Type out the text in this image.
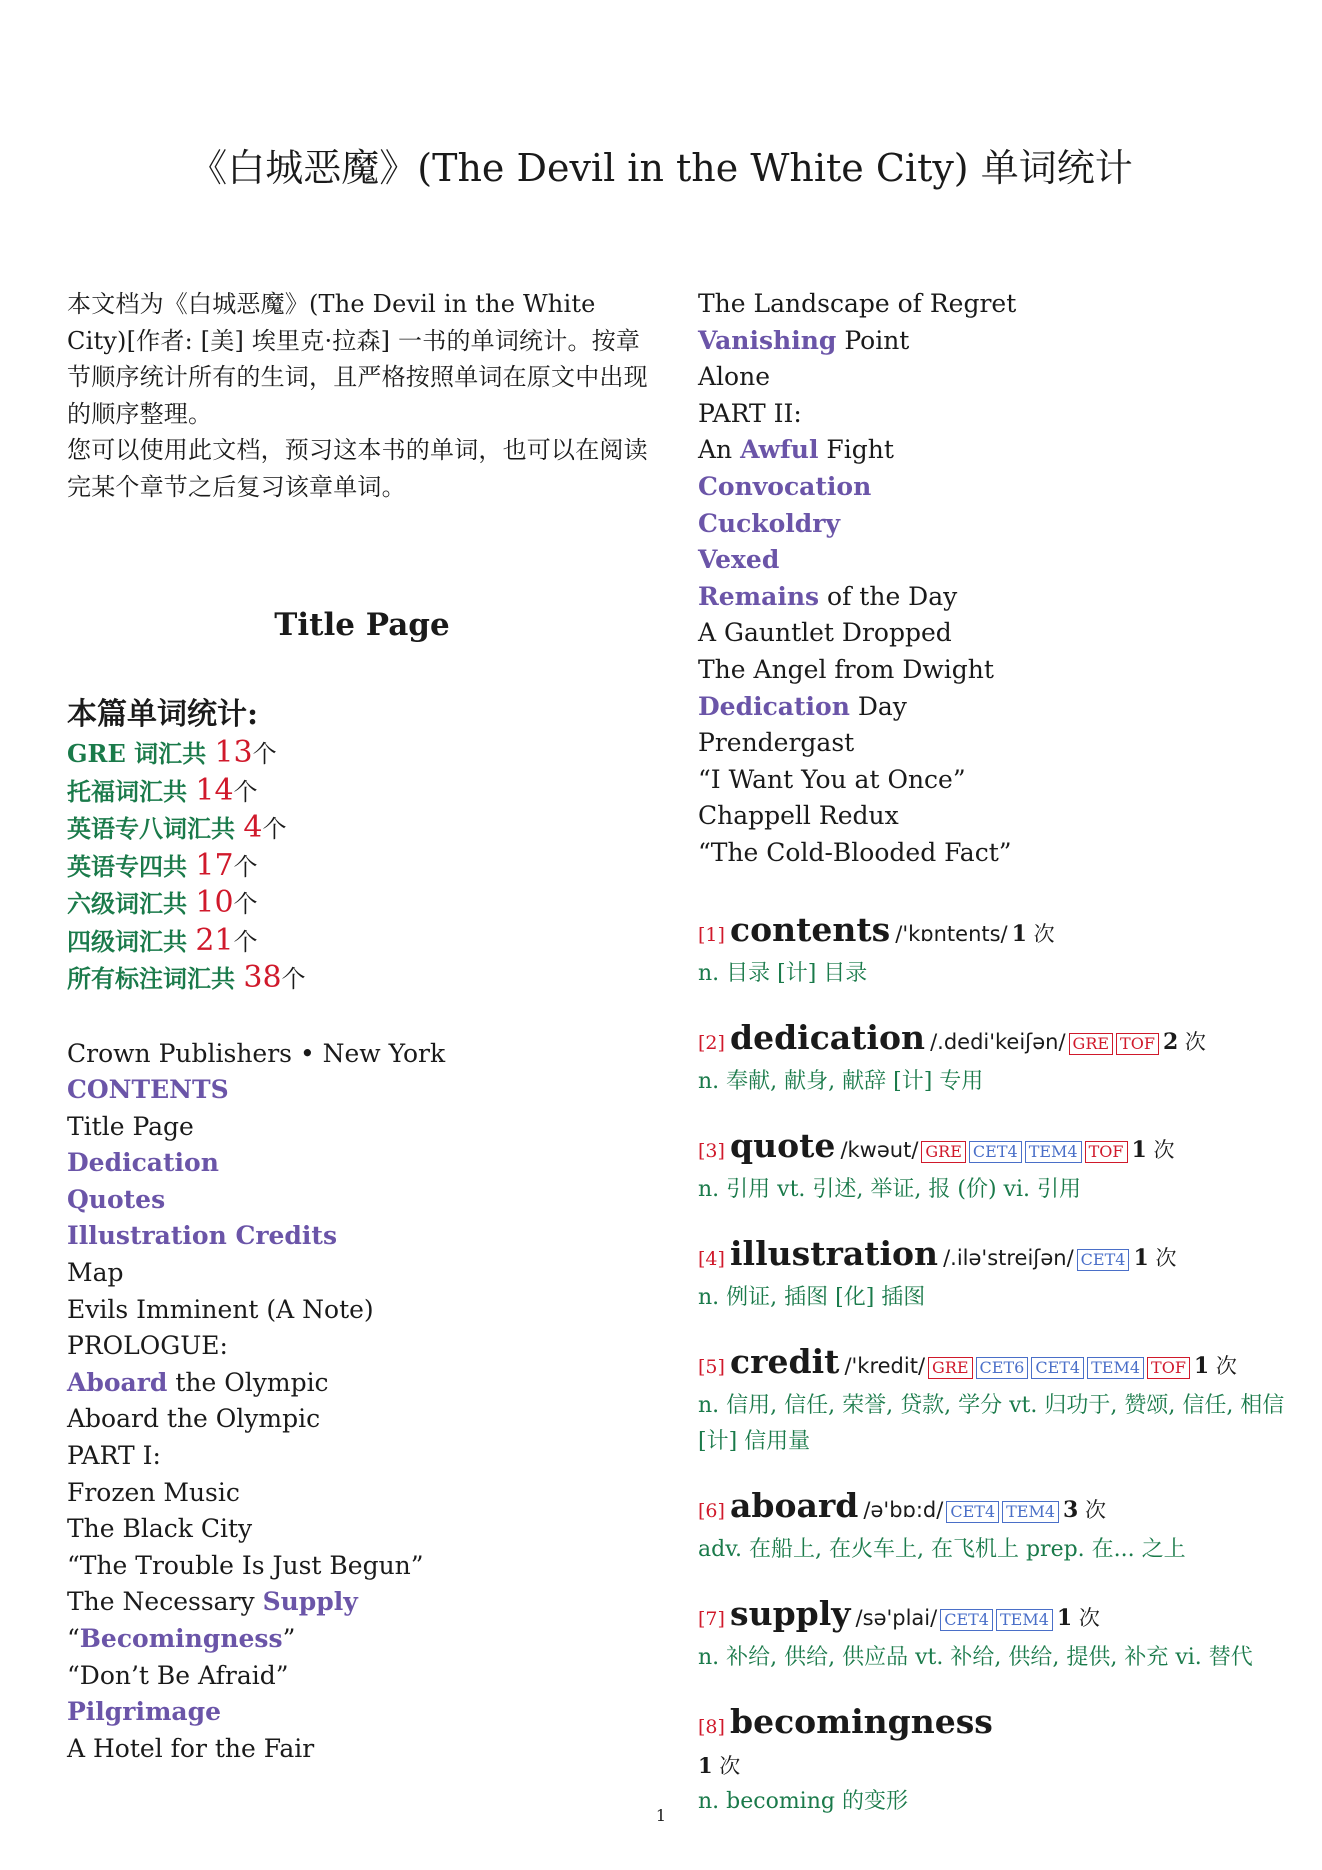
《白城恶魔》(The Devil in the White City) 单词统计

本文档为《白城恶魔》(The Devil in the White City)[作者: [美] 埃里克·拉森] 一书的单词统计。按章节顺序统计所有的生词，且严格按照单词在原文中出现的顺序整理。

您可以使用此文档，预习这本书的单词，也可以在阅读完某个章节之后复习该章单词。

Title Page
本篇单词统计:
GRE 词汇共 13个
托福词汇共 14个
英语专八词汇共 4个
英语专四共 17个
六级词汇共 10个
四级词汇共 21个
所有标注词汇共 38个
Crown Publishers • New York
CONTENTS
Title Page
Dedication
Quotes
Illustration Credits
Map
Evils Imminent (A Note)
PROLOGUE:
Aboard the Olympic
Aboard the Olympic
PART I:
Frozen Music
The Black City
“The Trouble Is Just Begun”
The Necessary Supply
“Becomingness”
“Don’t Be Afraid”
Pilgrimage
A Hotel for the Fair
The Landscape of Regret
Vanishing Point
Alone
PART II:
An Awful Fight
Convocation
Cuckoldry
Vexed
Remains of the Day
A Gauntlet Dropped
The Angel from Dwight
Dedication Day
Prendergast
“I Want You at Once”
Chappell Redux
“The Cold-Blooded Fact”
[1] contents /'kɒntents/ 1 次
n. 目录 [计] 目录
[2] dedication /.dedi'keiʃən/ GRE TOF 2 次
n. 奉献, 献身, 献辞 [计] 专用
[3] quote /kwəut/ GRE CET4 TEM4 TOF 1 次
n. 引用 vt. 引述, 举证, 报 (价) vi. 引用
[4] illustration /.ilə'streiʃən/ CET4 1 次
n. 例证, 插图 [化] 插图
[5] credit /'kredit/ GRE CET6 CET4 TEM4 TOF 1 次
n. 信用, 信任, 荣誉, 贷款, 学分 vt. 归功于, 赞颂, 信任, 相信 [计] 信用量
[6] aboard /ə'bɒ:d/ CET4 TEM4 3 次
adv. 在船上, 在火车上, 在飞机上 prep. 在... 之上
[7] supply /sə'plai/ CET4 TEM4 1 次
n. 补给, 供给, 供应品 vt. 补给, 供给, 提供, 补充 vi. 替代
[8] becomingness
1 次
n. becoming 的变形
1
